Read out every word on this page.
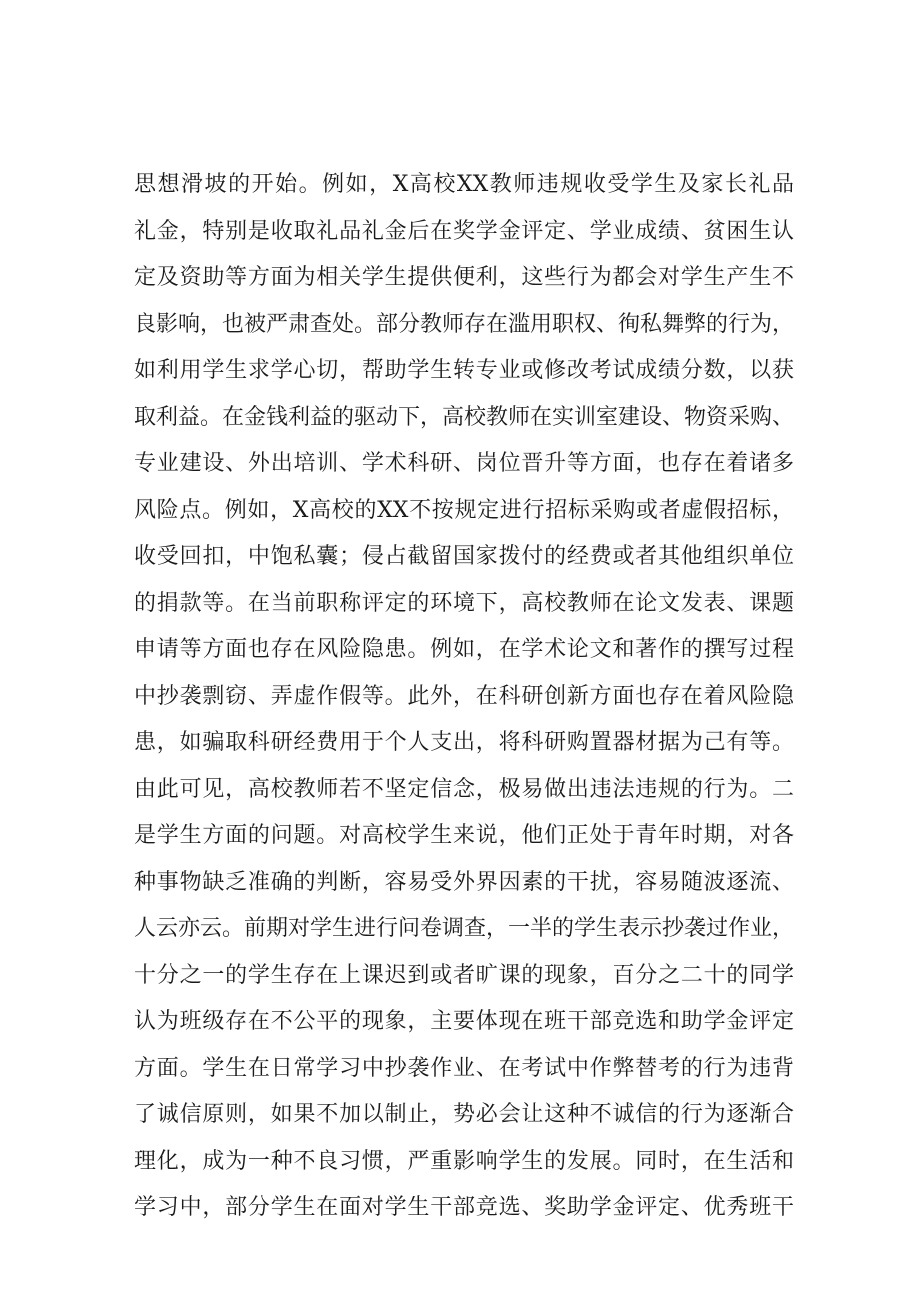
思想滑坡的开始。例如，X高校XX教师违规收受学生及家长礼品
礼金，特别是收取礼品礼金后在奖学金评定、学业成绩、贫困生认
定及资助等方面为相关学生提供便利，这些行为都会对学生产生不
良影响，也被严肃查处。部分教师存在滥用职权、徇私舞弊的行为，
如利用学生求学心切，帮助学生转专业或修改考试成绩分数，以获
取利益。在金钱利益的驱动下，高校教师在实训室建设、物资采购、
专业建设、外出培训、学术科研、岗位晋升等方面，也存在着诸多
风险点。例如，X高校的XX不按规定进行招标采购或者虚假招标，
收受回扣，中饱私囊；侵占截留国家拨付的经费或者其他组织单位
的捐款等。在当前职称评定的环境下，高校教师在论文发表、课题
申请等方面也存在风险隐患。例如，在学术论文和著作的撰写过程
中抄袭剽窃、弄虚作假等。此外，在科研创新方面也存在着风险隐
患，如骗取科研经费用于个人支出，将科研购置器材据为己有等。
由此可见，高校教师若不坚定信念，极易做出违法违规的行为。二
是学生方面的问题。对高校学生来说，他们正处于青年时期，对各
种事物缺乏准确的判断，容易受外界因素的干扰，容易随波逐流、
人云亦云。前期对学生进行问卷调查，一半的学生表示抄袭过作业，
十分之一的学生存在上课迟到或者旷课的现象，百分之二十的同学
认为班级存在不公平的现象，主要体现在班干部竞选和助学金评定
方面。学生在日常学习中抄袭作业、在考试中作弊替考的行为违背
了诚信原则，如果不加以制止，势必会让这种不诚信的行为逐渐合
理化，成为一种不良习惯，严重影响学生的发展。同时，在生活和
学习中，部分学生在面对学生干部竞选、奖助学金评定、优秀班干
